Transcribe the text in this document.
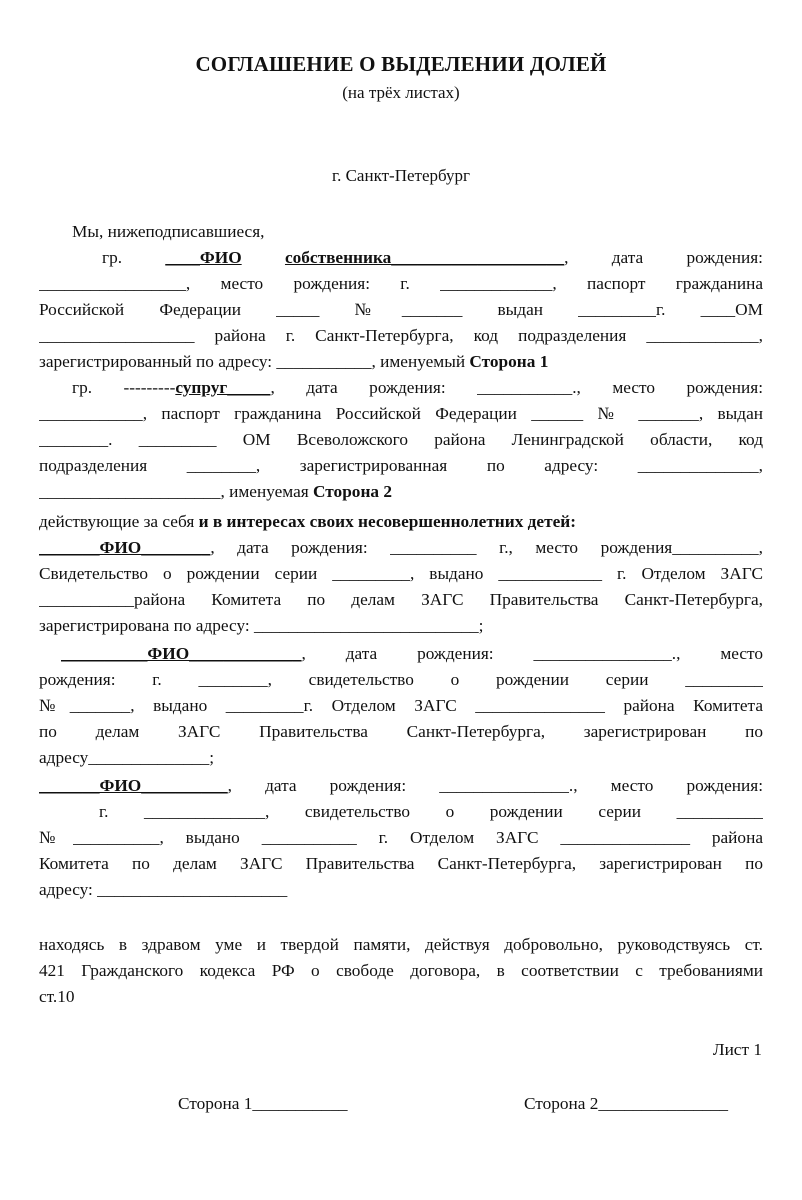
СОГЛАШЕНИЕ О ВЫДЕЛЕНИИ ДОЛЕЙ
(на трёх листах)
г. Санкт-Петербург
Мы, нижеподписавшиеся,
гр. ____ФИО	собственника____________________, дата рождения:
_________________, место рождения: г. _____________, паспорт гражданина
Российской Федерации _____ №_______ выдан _________г. ____ОМ
__________________ района г. Санкт-Петербурга, код подразделения _____________,
зарегистрированный по адресу: ___________, именуемый Сторона 1
гр. ---------супруг_____, дата рождения: ___________., место рождения:
____________, паспорт гражданина Российской Федерации ______ № _______, выдан
________. _________ ОМ Всеволожского района Ленинградской области, код
подразделения ________, зарегистрированная по адресу: ______________,
_____________________, именуемая Сторона 2
действующие за себя и в интересах своих несовершеннолетних детей:
_______ФИО________, дата рождения: __________ г., место рождения__________,
Свидетельство о рождении серии _________, выдано ____________ г. Отделом ЗАГС
___________района Комитета по делам ЗАГС Правительства Санкт-Петербурга,
зарегистрирована по адресу: __________________________;
__________ФИО_____________, дата рождения: ________________., место
рождения: г. ________, свидетельство о рождении серии _________
№_______, выдано _________г. Отделом ЗАГС _______________ района Комитета
по делам ЗАГС Правительства Санкт-Петербурга, зарегистрирован по
адресу______________;
_______ФИО__________, дата рождения: _______________., место рождения:
г. ______________, свидетельство о рождении серии __________
№__________, выдано ___________ г. Отделом ЗАГС _______________ района
Комитета по делам ЗАГС Правительства Санкт-Петербурга, зарегистрирован по
адресу: ______________________
находясь в здравом уме и твердой памяти, действуя добровольно, руководствуясь ст.
421 Гражданского кодекса РФ о свободе договора, в соответствии с требованиями
ст.10
Лист 1
Сторона 1___________	Сторона 2_______________
